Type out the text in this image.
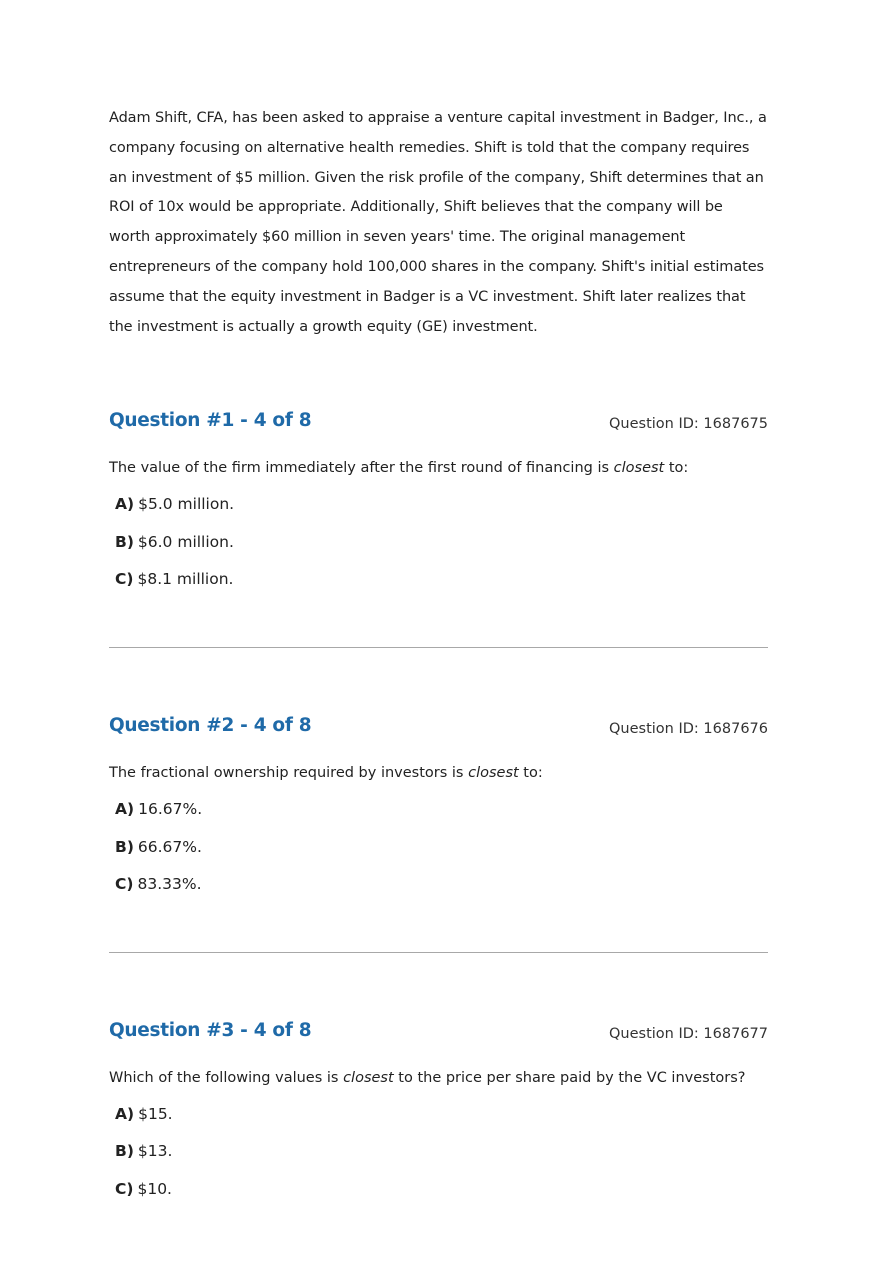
Adam Shift, CFA, has been asked to appraise a venture capital investment in Badger, Inc., a company focusing on alternative health remedies. Shift is told that the company requires an investment of $5 million. Given the risk profile of the company, Shift determines that an ROI of 10x would be appropriate. Additionally, Shift believes that the company will be worth approximately $60 million in seven years' time. The original management entrepreneurs of the company hold 100,000 shares in the company. Shift's initial estimates assume that the equity investment in Badger is a VC investment. Shift later realizes that the investment is actually a growth equity (GE) investment.

Question #1 - 4 of 8	Question ID: 1687675
The value of the firm immediately after the first round of financing is closest to:
A) $5.0 million.
B) $6.0 million.
C) $8.1 million.
Question #2 - 4 of 8	Question ID: 1687676
The fractional ownership required by investors is closest to:
A) 16.67%.
B) 66.67%.
C) 83.33%.
Question #3 - 4 of 8	Question ID: 1687677
Which of the following values is closest to the price per share paid by the VC investors?
A) $15.
B) $13.
C) $10.
